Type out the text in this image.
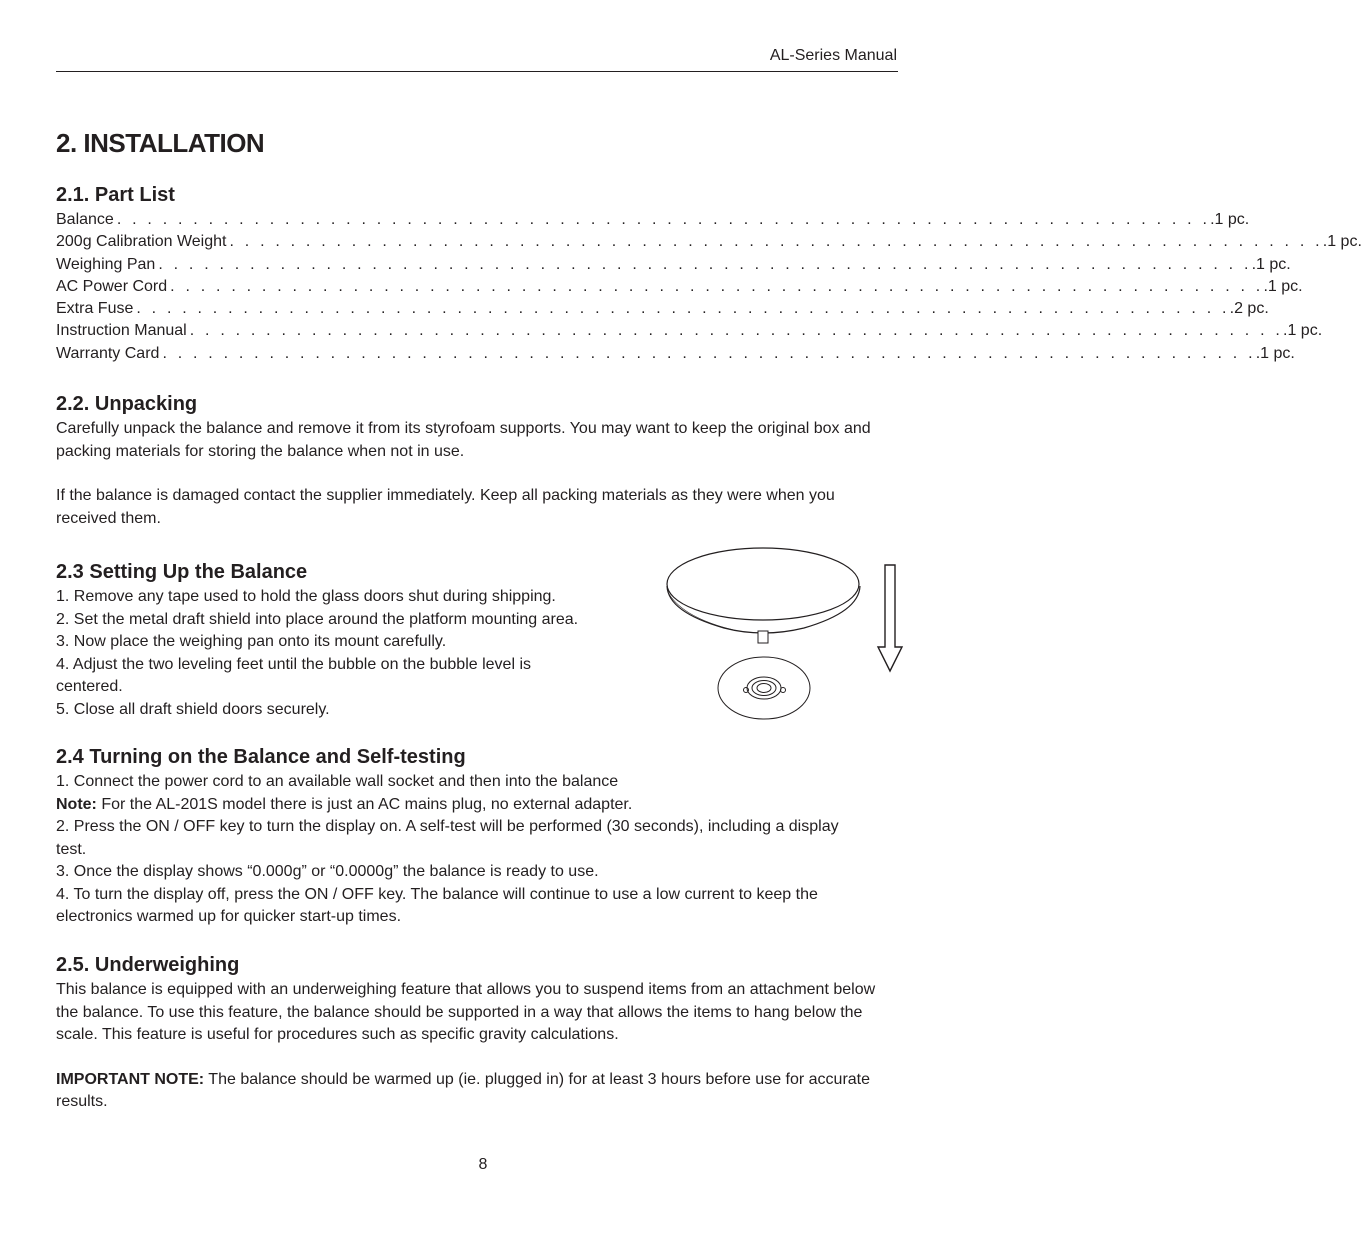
AL-Series Manual
2. INSTALLATION
2.1. Part List
Balance . . . . . . . . . . . . . . . . . . . . . . . . . . . . . . . . . . . . . . . . . . . . . . . . . . . . . . . . . . . . . . . . . . . . . . . . .1 pc.
200g Calibration Weight . . . . . . . . . . . . . . . . . . . . . . . . . . . . . . . . . . . . . . . . . . . . . . . . . . . . . . . . . . . . . . . . . . . . . . . . .1 pc.
Weighing Pan . . . . . . . . . . . . . . . . . . . . . . . . . . . . . . . . . . . . . . . . . . . . . . . . . . . . . . . . . . . . . . . . . . . . . . . . .1 pc.
AC Power Cord . . . . . . . . . . . . . . . . . . . . . . . . . . . . . . . . . . . . . . . . . . . . . . . . . . . . . . . . . . . . . . . . . . . . . . . . .1 pc.
Extra Fuse . . . . . . . . . . . . . . . . . . . . . . . . . . . . . . . . . . . . . . . . . . . . . . . . . . . . . . . . . . . . . . . . . . . . . . . . .2 pc.
Instruction Manual . . . . . . . . . . . . . . . . . . . . . . . . . . . . . . . . . . . . . . . . . . . . . . . . . . . . . . . . . . . . . . . . . . . . . . . . .1 pc.
Warranty Card . . . . . . . . . . . . . . . . . . . . . . . . . . . . . . . . . . . . . . . . . . . . . . . . . . . . . . . . . . . . . . . . . . . . . . . . .1 pc.
2.2. Unpacking

Carefully unpack the balance and remove it from its styrofoam supports. You may want to keep the original box and packing materials for storing the balance when not in use.

If the balance is damaged contact the supplier immediately. Keep all packing materials as they were when you received them.

2.3 Setting Up the Balance

1. Remove any tape used to hold the glass doors shut during shipping.

2. Set the metal draft shield into place around the platform mounting area.

3. Now place the weighing pan onto its mount carefully.

4. Adjust the two leveling feet until the bubble on the bubble level is centered.

5. Close all draft shield doors securely.

2.4 Turning on the Balance and Self-testing

1. Connect the power cord to an available wall socket and then into the balance

Note: For the AL-201S model there is just an AC mains plug, no external adapter.

2. Press the ON / OFF key to turn the display on. A self-test will be performed (30 seconds), including a display test.

3. Once the display shows “0.000g” or “0.0000g” the balance is ready to use.

4. To turn the display off, press the ON / OFF key. The balance will continue to use a low current to keep the electronics warmed up for quicker start-up times.

2.5. Underweighing

This balance is equipped with an underweighing feature that allows you to suspend items from an attachment below the balance. To use this feature, the balance should be supported in a way that allows the items to hang below the scale. This feature is useful for procedures such as specific gravity calculations.

IMPORTANT NOTE: The balance should be warmed up (ie. plugged in) for at least 3 hours before use for accurate results.

8
